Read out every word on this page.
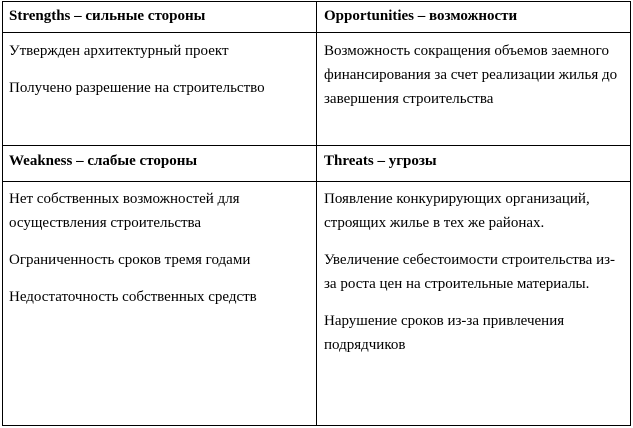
Strengths – сильные стороны	Opportunities – возможности

Утвержден архитектурный проект

Получено разрешение на строительство

Возможность сокращения объемов заемного финансирования за счет реализации жилья до завершения строительства

Weakness – слабые стороны	Threats – угрозы

Нет собственных возможностей для осуществления строительства

Ограниченность сроков тремя годами

Недостаточность собственных средств

Появление конкурирующих организаций, строящих жилье в тех же районах.

Увеличение себестоимости строительства из-за роста цен на строительные материалы.

Нарушение сроков из-за привлечения подрядчиков
